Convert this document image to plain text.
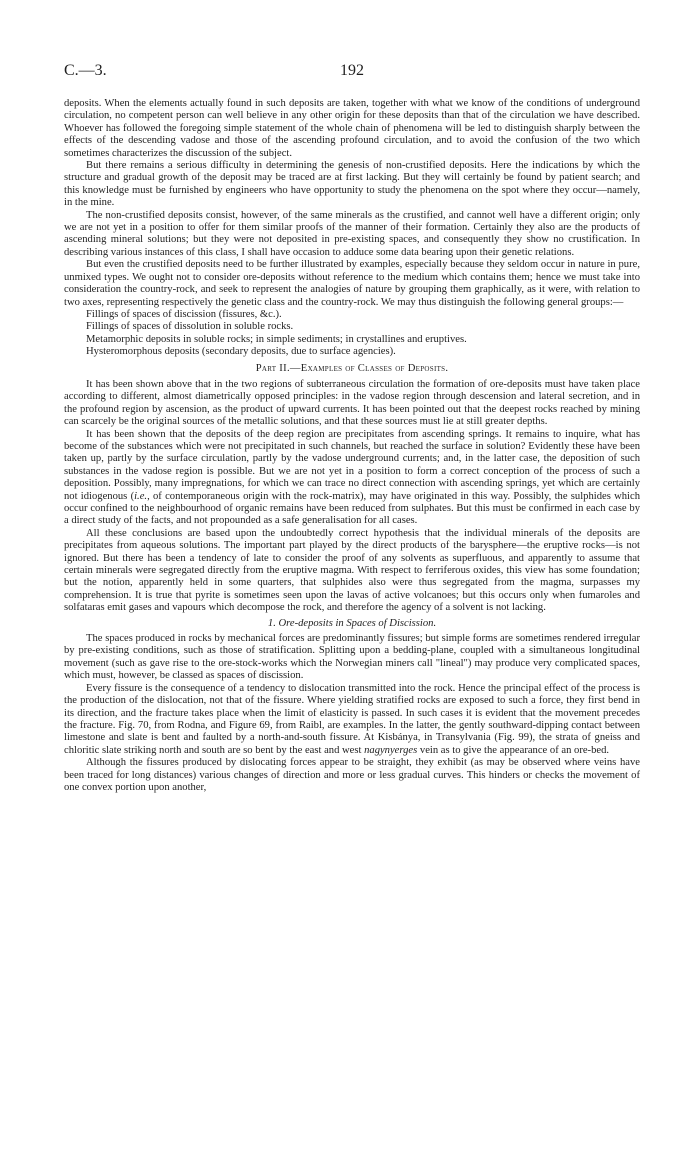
C.—3.	192

deposits. When the elements actually found in such deposits are taken, together with what we know of the conditions of underground circulation, no competent person can well believe in any other origin for these deposits than that of the circulation we have described. Whoever has followed the foregoing simple statement of the whole chain of phenomena will be led to distinguish sharply between the effects of the descending vadose and those of the ascending profound circulation, and to avoid the confusion of the two which sometimes characterizes the discussion of the subject.

But there remains a serious difficulty in determining the genesis of non-crustified deposits. Here the indications by which the structure and gradual growth of the deposit may be traced are at first lacking. But they will certainly be found by patient search; and this knowledge must be furnished by engineers who have opportunity to study the phenomena on the spot where they occur—namely, in the mine.

The non-crustified deposits consist, however, of the same minerals as the crustified, and cannot well have a different origin; only we are not yet in a position to offer for them similar proofs of the manner of their formation. Certainly they also are the products of ascending mineral solutions; but they were not deposited in pre-existing spaces, and consequently they show no crustification. In describing various instances of this class, I shall have occasion to adduce some data bearing upon their genetic relations.

But even the crustified deposits need to be further illustrated by examples, especially because they seldom occur in nature in pure, unmixed types. We ought not to consider ore-deposits without reference to the medium which contains them; hence we must take into consideration the country-rock, and seek to represent the analogies of nature by grouping them graphically, as it were, with relation to two axes, representing respectively the genetic class and the country-rock. We may thus distinguish the following general groups:—

Fillings of spaces of discission (fissures, &c.).

Fillings of spaces of dissolution in soluble rocks.

Metamorphic deposits in soluble rocks; in simple sediments; in crystallines and eruptives.

Hysteromorphous deposits (secondary deposits, due to surface agencies).

Part II.—Examples of Classes of Deposits.

It has been shown above that in the two regions of subterraneous circulation the formation of ore-deposits must have taken place according to different, almost diametrically opposed principles: in the vadose region through descension and lateral secretion, and in the profound region by ascension, as the product of upward currents. It has been pointed out that the deepest rocks reached by mining can scarcely be the original sources of the metallic solutions, and that these sources must lie at still greater depths.

It has been shown that the deposits of the deep region are precipitates from ascending springs. It remains to inquire, what has become of the substances which were not precipitated in such channels, but reached the surface in solution? Evidently these have been taken up, partly by the surface circulation, partly by the vadose underground currents; and, in the latter case, the deposition of such substances in the vadose region is possible. But we are not yet in a position to form a correct conception of the process of such a deposition. Possibly, many impregnations, for which we can trace no direct connection with ascending springs, yet which are certainly not idiogenous (i.e., of contemporaneous origin with the rock-matrix), may have originated in this way. Possibly, the sulphides which occur confined to the neighbourhood of organic remains have been reduced from sulphates. But this must be confirmed in each case by a direct study of the facts, and not propounded as a safe generalisation for all cases.

All these conclusions are based upon the undoubtedly correct hypothesis that the individual minerals of the deposits are precipitates from aqueous solutions. The important part played by the direct products of the barysphere—the eruptive rocks—is not ignored. But there has been a tendency of late to consider the proof of any solvents as superfluous, and apparently to assume that certain minerals were segregated directly from the eruptive magma. With respect to ferriferous oxides, this view has some foundation; but the notion, apparently held in some quarters, that sulphides also were thus segregated from the magma, surpasses my comprehension. It is true that pyrite is sometimes seen upon the lavas of active volcanoes; but this occurs only when fumaroles and solfataras emit gases and vapours which decompose the rock, and therefore the agency of a solvent is not lacking.

1. Ore-deposits in Spaces of Discission.

The spaces produced in rocks by mechanical forces are predominantly fissures; but simple forms are sometimes rendered irregular by pre-existing conditions, such as those of stratification. Splitting upon a bedding-plane, coupled with a simultaneous longitudinal movement (such as gave rise to the ore-stock-works which the Norwegian miners call "lineal") may produce very complicated spaces, which must, however, be classed as spaces of discission.

Every fissure is the consequence of a tendency to dislocation transmitted into the rock. Hence the principal effect of the process is the production of the dislocation, not that of the fissure. Where yielding stratified rocks are exposed to such a force, they first bend in its direction, and the fracture takes place when the limit of elasticity is passed. In such cases it is evident that the movement precedes the fracture. Fig. 70, from Rodna, and Figure 69, from Raibl, are examples. In the latter, the gently southward-dipping contact between limestone and slate is bent and faulted by a north-and-south fissure. At Kisbánya, in Transylvania (Fig. 99), the strata of gneiss and chloritic slate striking north and south are so bent by the east and west nagynyerges vein as to give the appearance of an ore-bed.

Although the fissures produced by dislocating forces appear to be straight, they exhibit (as may be observed where veins have been traced for long distances) various changes of direction and more or less gradual curves. This hinders or checks the movement of one convex portion upon another,
